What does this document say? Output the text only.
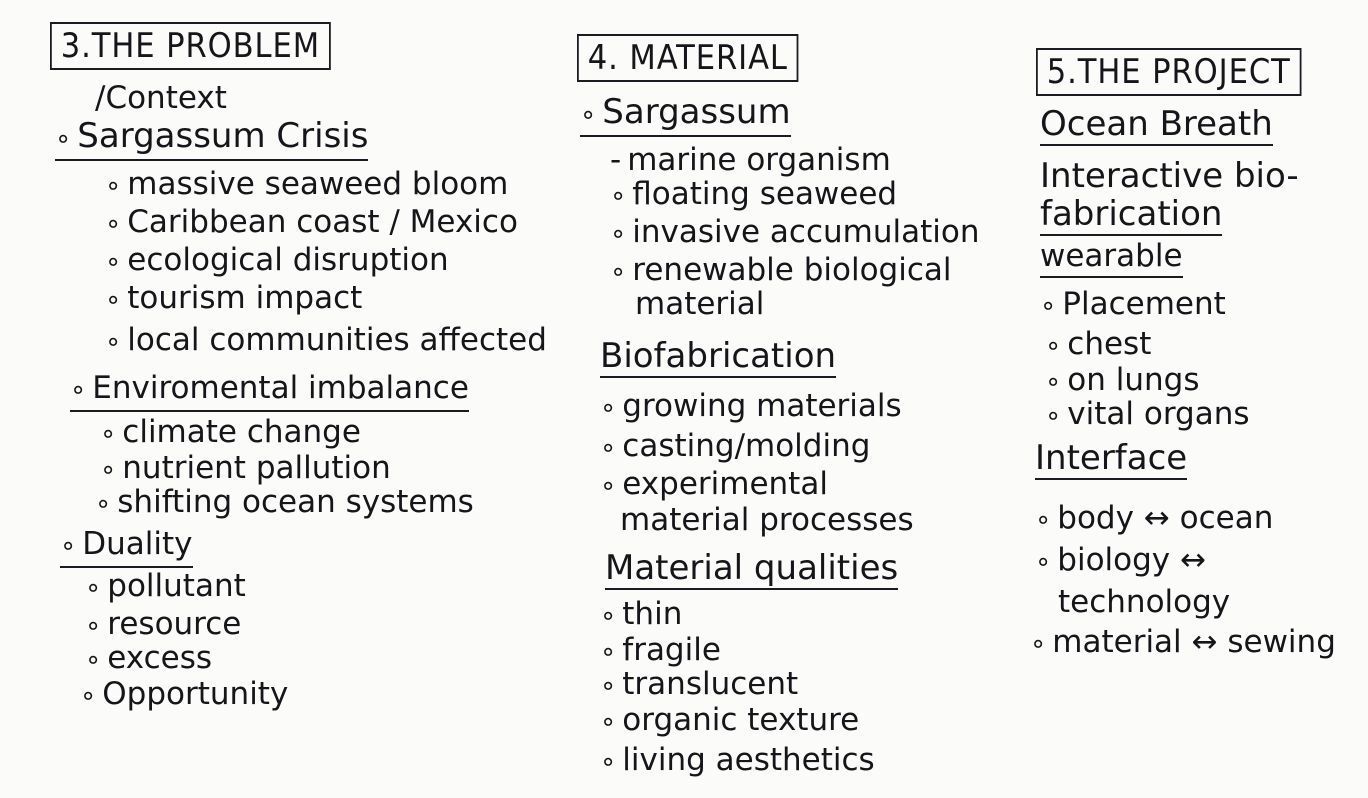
3.THE PROBLEM
/Context
∘ Sargassum Crisis
∘ massive seaweed bloom
∘ Caribbean coast / Mexico
∘ ecological disruption
∘ tourism impact
∘ local communities affected
∘ Enviromental imbalance
∘ climate change
∘ nutrient pallution
∘ shifting ocean systems
∘ Duality
∘ pollutant
∘ resource
∘ excess
∘ Opportunity
4. MATERIAL
∘ Sargassum
- marine organism
∘ floating seaweed
∘ invasive accumulation
∘ renewable biological
material
Biofabrication
∘ growing materials
∘ casting/molding
∘ experimental
material processes
Material qualities
∘ thin
∘ fragile
∘ translucent
∘ organic texture
∘ living aesthetics
5.THE PROJECT
Ocean Breath
Interactive bio-
fabrication
wearable
∘ Placement
∘ chest
∘ on lungs
∘ vital organs
Interface
∘ body ↔ ocean
∘ biology ↔
technology
∘ material ↔ sewing
